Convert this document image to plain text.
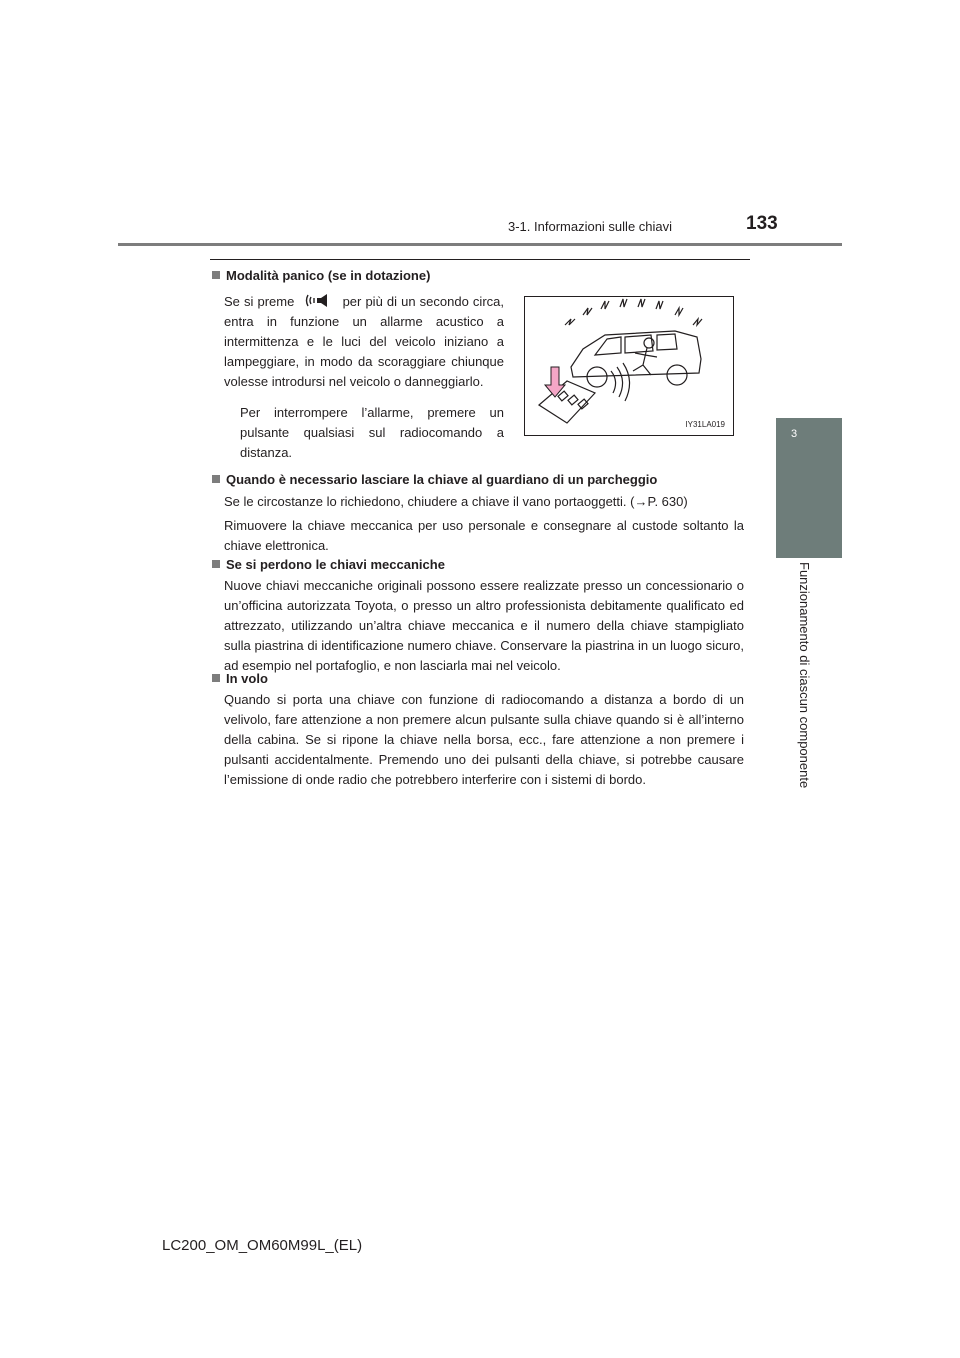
3-1. Informazioni sulle chiavi	133
3
Funzionamento di ciascun componente
Modalità panico (se in dotazione)

Se si preme	per più di un secondo circa, entra in funzione un allarme acustico a intermittenza e le luci del veicolo iniziano a lampeggiare, in modo da scoraggiare chiunque volesse introdursi nel veicolo o danneggiarlo.

Per interrompere l’allarme, premere un pulsante qualsiasi sul radiocomando a distanza.

IY31LA019
Quando è necessario lasciare la chiave al guardiano di un parcheggio

Se le circostanze lo richiedono, chiudere a chiave il vano portaoggetti. (→P. 630)

Rimuovere la chiave meccanica per uso personale e consegnare al custode soltanto la chiave elettronica.

Se si perdono le chiavi meccaniche

Nuove chiavi meccaniche originali possono essere realizzate presso un concessionario o un’officina autorizzata Toyota, o presso un altro professionista debitamente qualificato ed attrezzato, utilizzando un’altra chiave meccanica e il numero della chiave stampigliato sulla piastrina di identificazione numero chiave. Conservare la piastrina in un luogo sicuro, ad esempio nel portafoglio, e non lasciarla mai nel veicolo.

In volo

Quando si porta una chiave con funzione di radiocomando a distanza a bordo di un velivolo, fare attenzione a non premere alcun pulsante sulla chiave quando si è all’interno della cabina. Se si ripone la chiave nella borsa, ecc., fare attenzione a non premere i pulsanti accidentalmente. Premendo uno dei pulsanti della chiave, si potrebbe causare l’emissione di onde radio che potrebbero interferire con i sistemi di bordo.

LC200_OM_OM60M99L_(EL)
